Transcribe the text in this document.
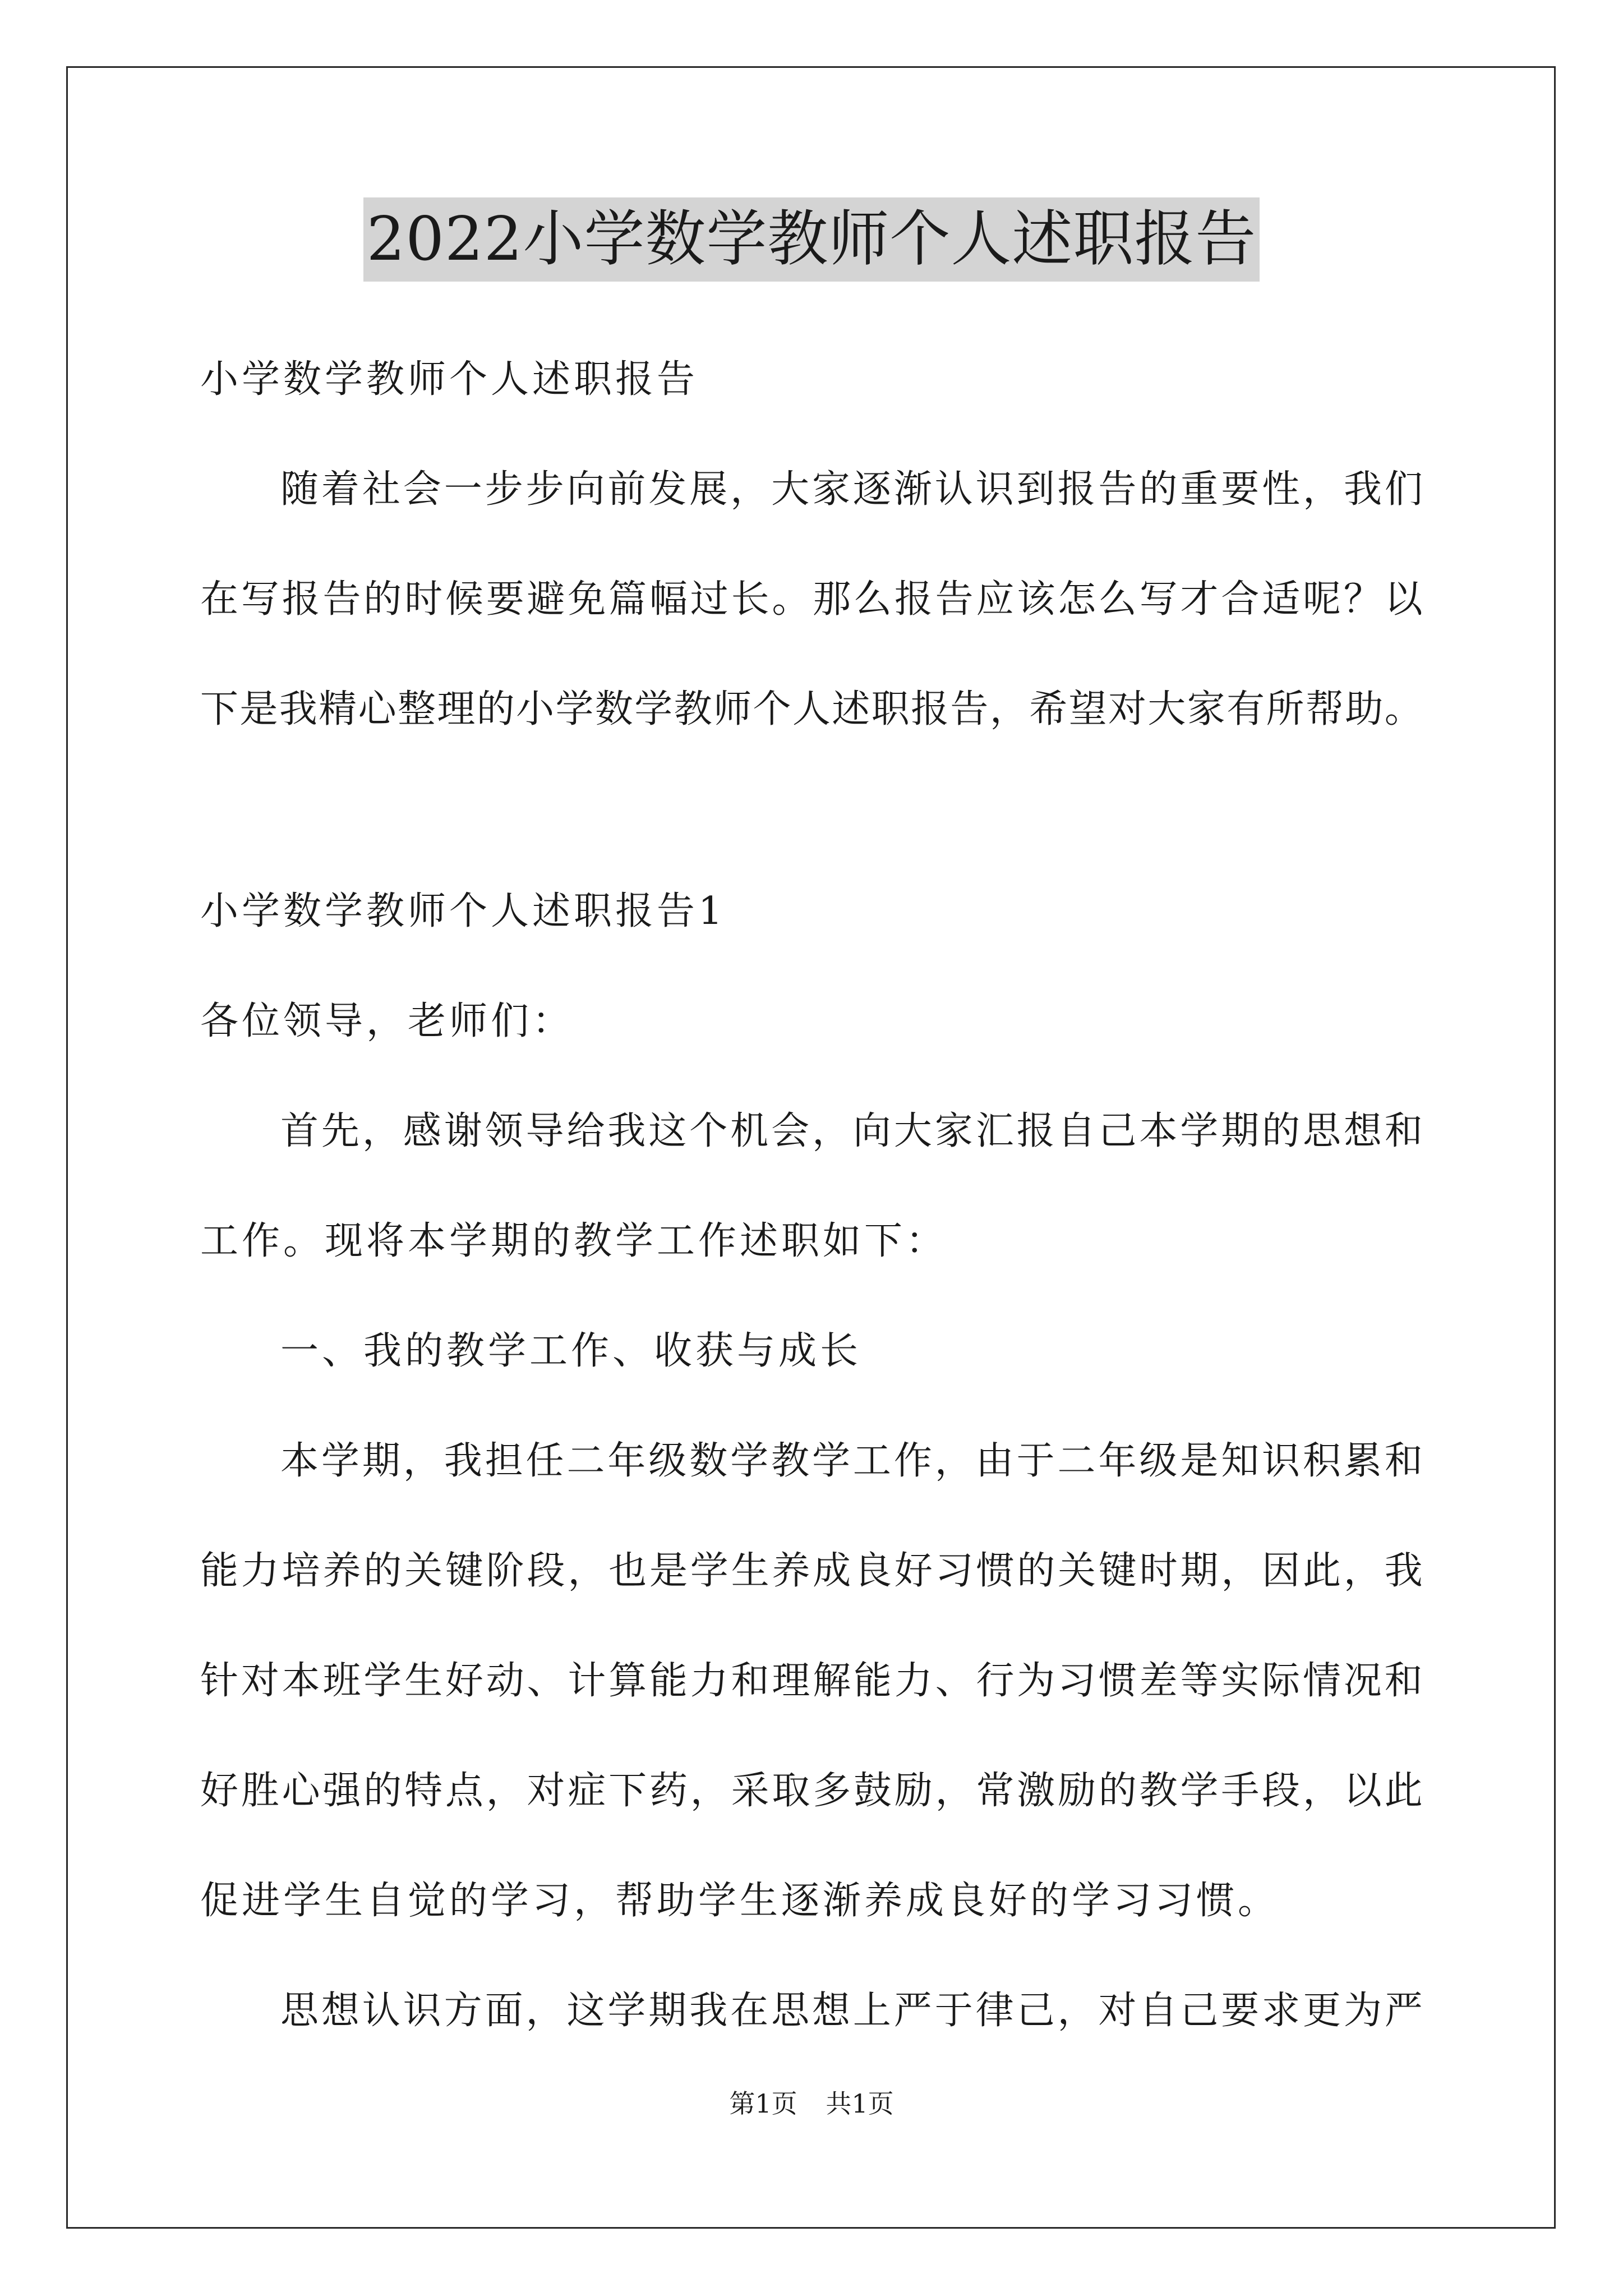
2022小学数学教师个人述职报告
小学数学教师个人述职报告
随 着 社 会 一 步 步 向 前 发 展 ， 大 家 逐 渐 认 识 到 报 告 的 重 要 性 ， 我 们
在 写 报 告 的 时 候 要 避 免 篇 幅 过 长 。 那 么 报 告 应 该 怎 么 写 才 合 适 呢 ？ 以
下 是 我 精 心 整 理 的 小 学 数 学 教 师 个 人 述 职 报 告 ， 希 望 对 大 家 有 所 帮 助 。
小学数学教师个人述职报告1
各位领导，老师们：
首 先 ， 感 谢 领 导 给 我 这 个 机 会 ， 向 大 家 汇 报 自 己 本 学 期 的 思 想 和
工作。现将本学期的教学工作述职如下：
一、我的教学工作、收获与成长
本 学 期 ， 我 担 任 二 年 级 数 学 教 学 工 作 ， 由 于 二 年 级 是 知 识 积 累 和
能 力 培 养 的 关 键 阶 段 ， 也 是 学 生 养 成 良 好 习 惯 的 关 键 时 期 ， 因 此 ， 我
针 对 本 班 学 生 好 动 、 计 算 能 力 和 理 解 能 力 、 行 为 习 惯 差 等 实 际 情 况 和
好 胜 心 强 的 特 点 ， 对 症 下 药 ， 采 取 多 鼓 励 ， 常 激 励 的 教 学 手 段 ， 以 此
促进学生自觉的学习，帮助学生逐渐养成良好的学习习惯。
思 想 认 识 方 面 ， 这 学 期 我 在 思 想 上 严 于 律 己 ， 对 自 己 要 求 更 为 严
第1页 共1页
